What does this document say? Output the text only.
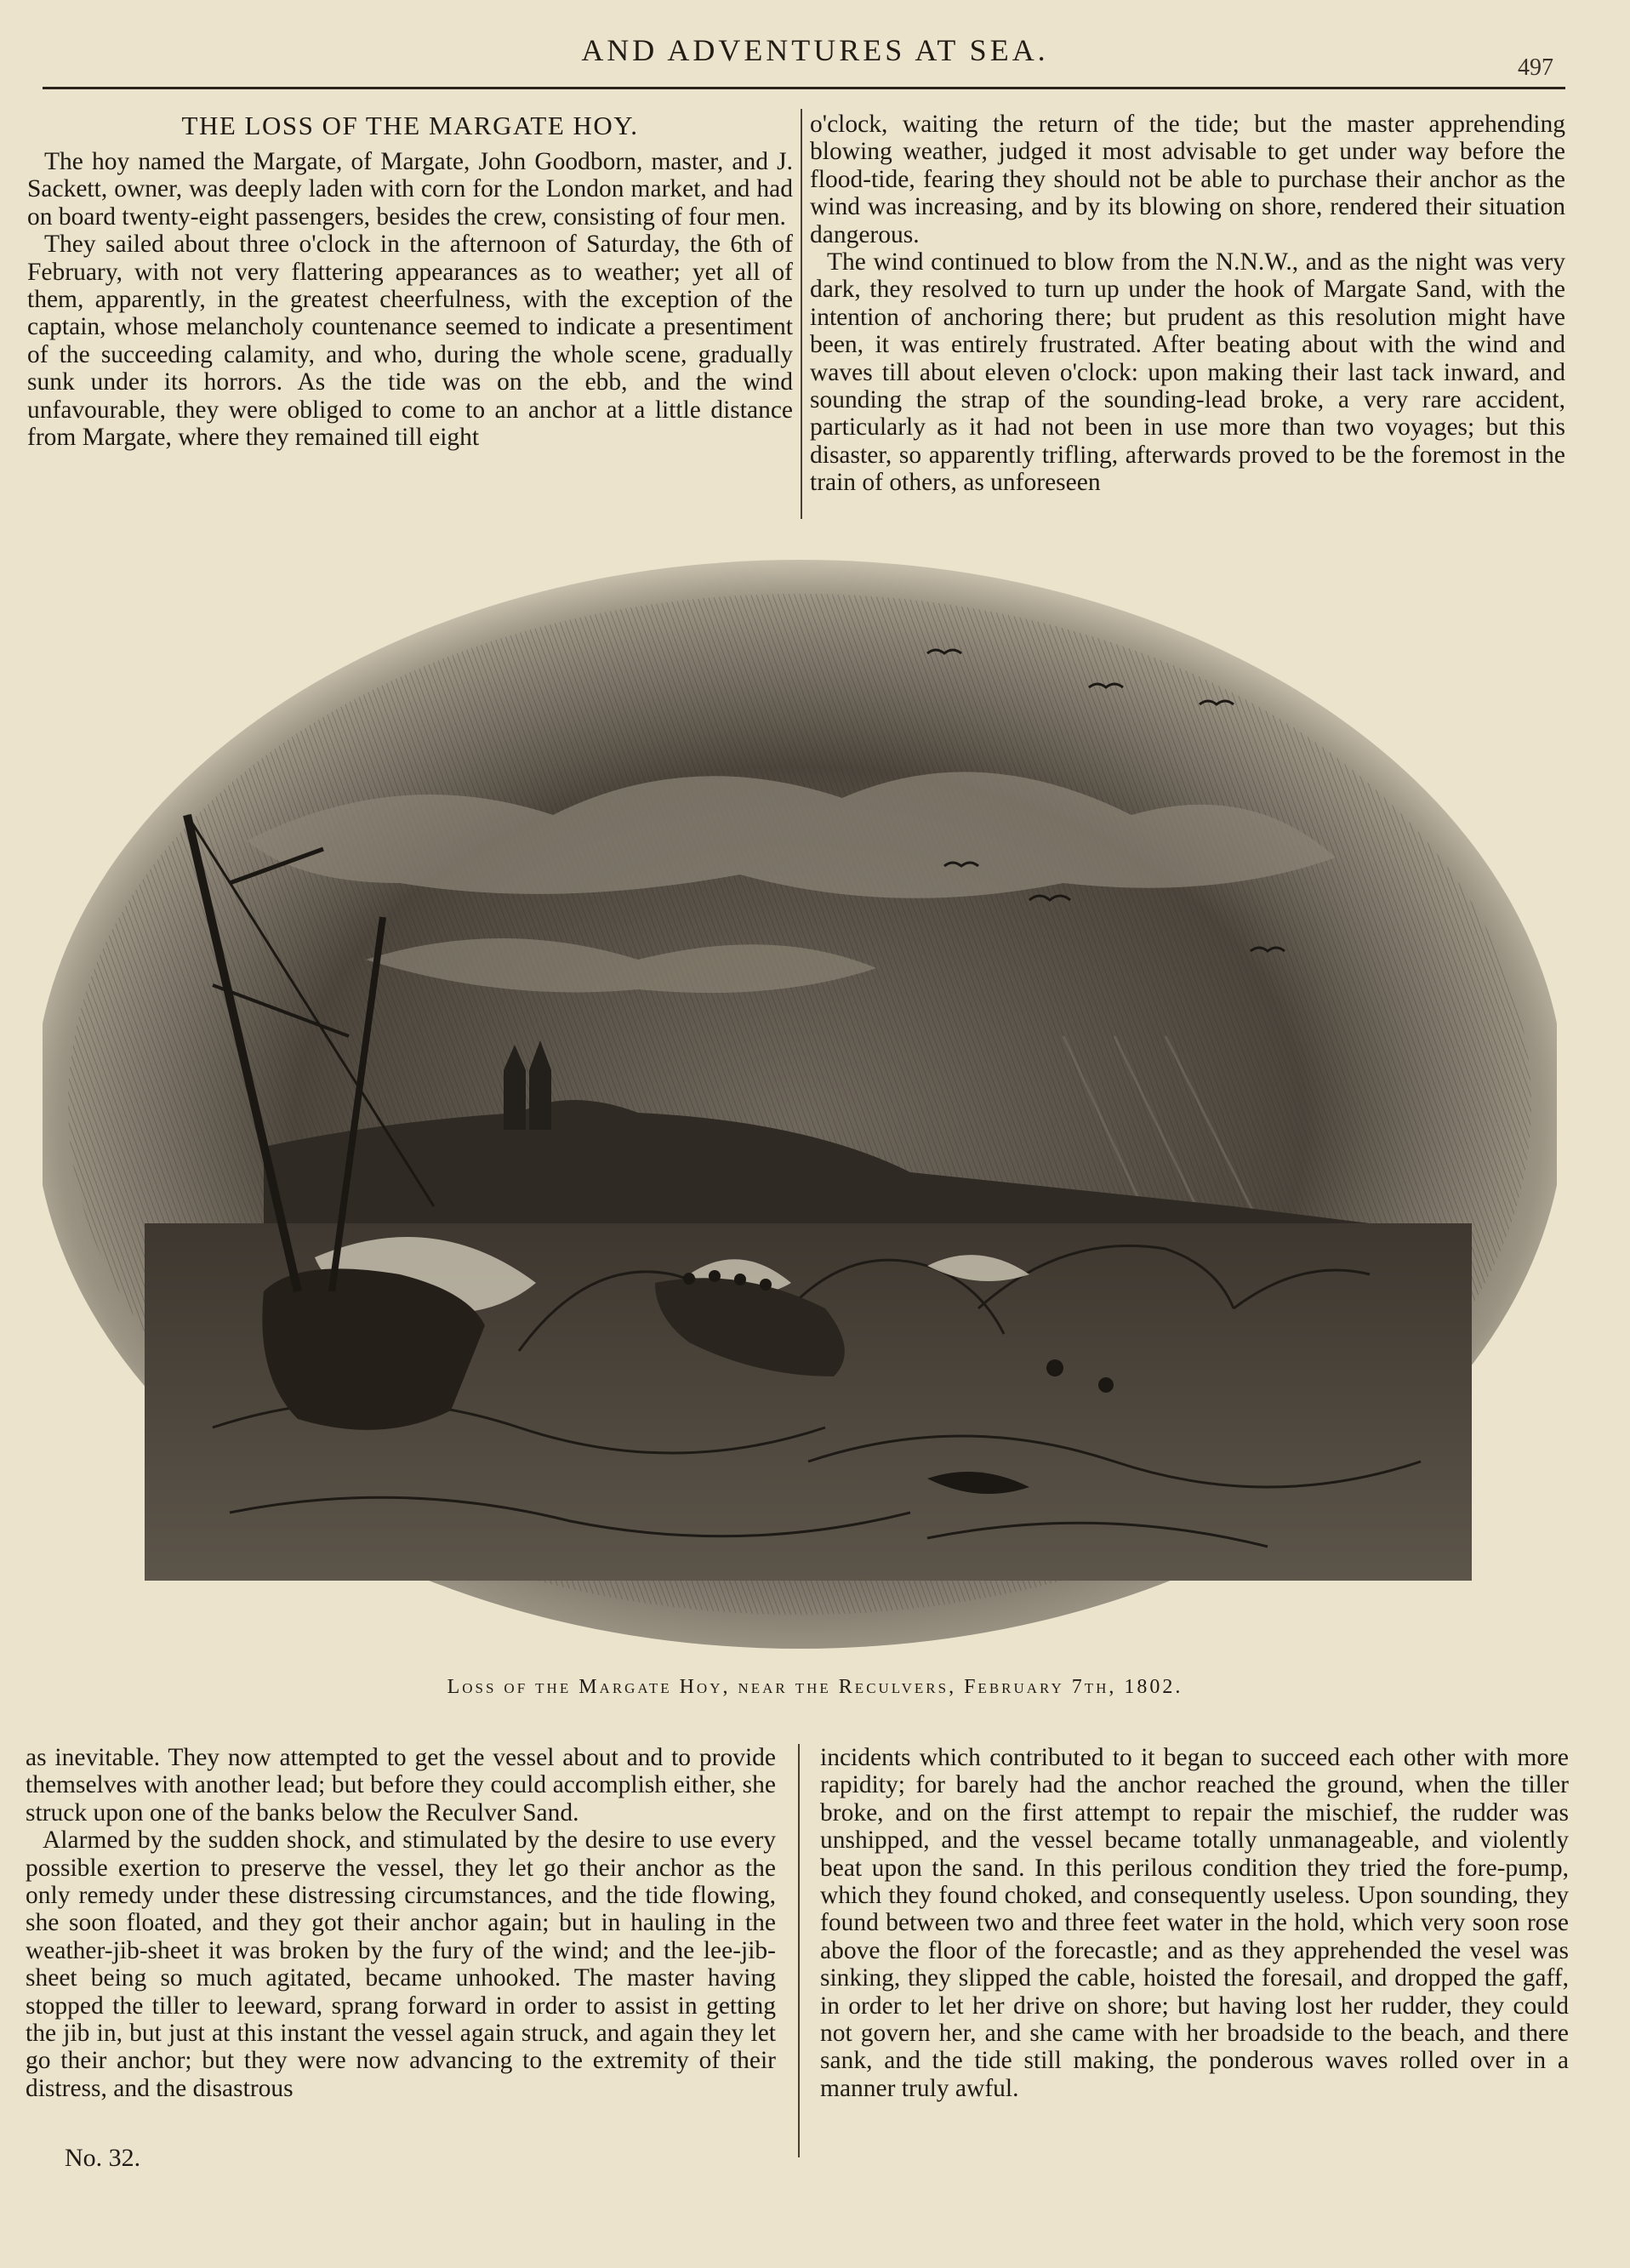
AND ADVENTURES AT SEA.
497
THE LOSS OF THE MARGATE HOY.

The hoy named the Margate, of Margate, John Goodborn, master, and J. Sackett, owner, was deeply laden with corn for the London market, and had on board twenty-eight passengers, besides the crew, consisting of four men.

They sailed about three o'clock in the afternoon of Saturday, the 6th of February, with not very flattering appearances as to weather; yet all of them, apparently, in the greatest cheerfulness, with the exception of the captain, whose melancholy countenance seemed to indicate a presentiment of the succeeding calamity, and who, during the whole scene, gradually sunk under its horrors. As the tide was on the ebb, and the wind unfavourable, they were obliged to come to an anchor at a little distance from Margate, where they remained till eight

o'clock, waiting the return of the tide; but the master apprehending blowing weather, judged it most advisable to get under way before the flood-tide, fearing they should not be able to purchase their anchor as the wind was increasing, and by its blowing on shore, rendered their situation dangerous.

The wind continued to blow from the N.N.W., and as the night was very dark, they resolved to turn up under the hook of Margate Sand, with the intention of anchoring there; but prudent as this resolution might have been, it was entirely frustrated. After beating about with the wind and waves till about eleven o'clock: upon making their last tack inward, and sounding the strap of the sounding-lead broke, a very rare accident, particularly as it had not been in use more than two voyages; but this disaster, so apparently trifling, afterwards proved to be the foremost in the train of others, as unforeseen

Loss of the Margate Hoy, near the Reculvers, February 7th, 1802.

as inevitable. They now attempted to get the vessel about and to provide themselves with another lead; but before they could accomplish either, she struck upon one of the banks below the Reculver Sand.

Alarmed by the sudden shock, and stimulated by the desire to use every possible exertion to preserve the vessel, they let go their anchor as the only remedy under these distressing circumstances, and the tide flowing, she soon floated, and they got their anchor again; but in hauling in the weather-jib-sheet it was broken by the fury of the wind; and the lee-jib-sheet being so much agitated, became unhooked. The master having stopped the tiller to leeward, sprang forward in order to assist in getting the jib in, but just at this instant the vessel again struck, and again they let go their anchor; but they were now advancing to the extremity of their distress, and the disastrous

incidents which contributed to it began to succeed each other with more rapidity; for barely had the anchor reached the ground, when the tiller broke, and on the first attempt to repair the mischief, the rudder was unshipped, and the vessel became totally unmanageable, and violently beat upon the sand. In this perilous condition they tried the fore-pump, which they found choked, and consequently useless. Upon sounding, they found between two and three feet water in the hold, which very soon rose above the floor of the forecastle; and as they apprehended the vesel was sinking, they slipped the cable, hoisted the foresail, and dropped the gaff, in order to let her drive on shore; but having lost her rudder, they could not govern her, and she came with her broadside to the beach, and there sank, and the tide still making, the ponderous waves rolled over in a manner truly awful.

No. 32.
